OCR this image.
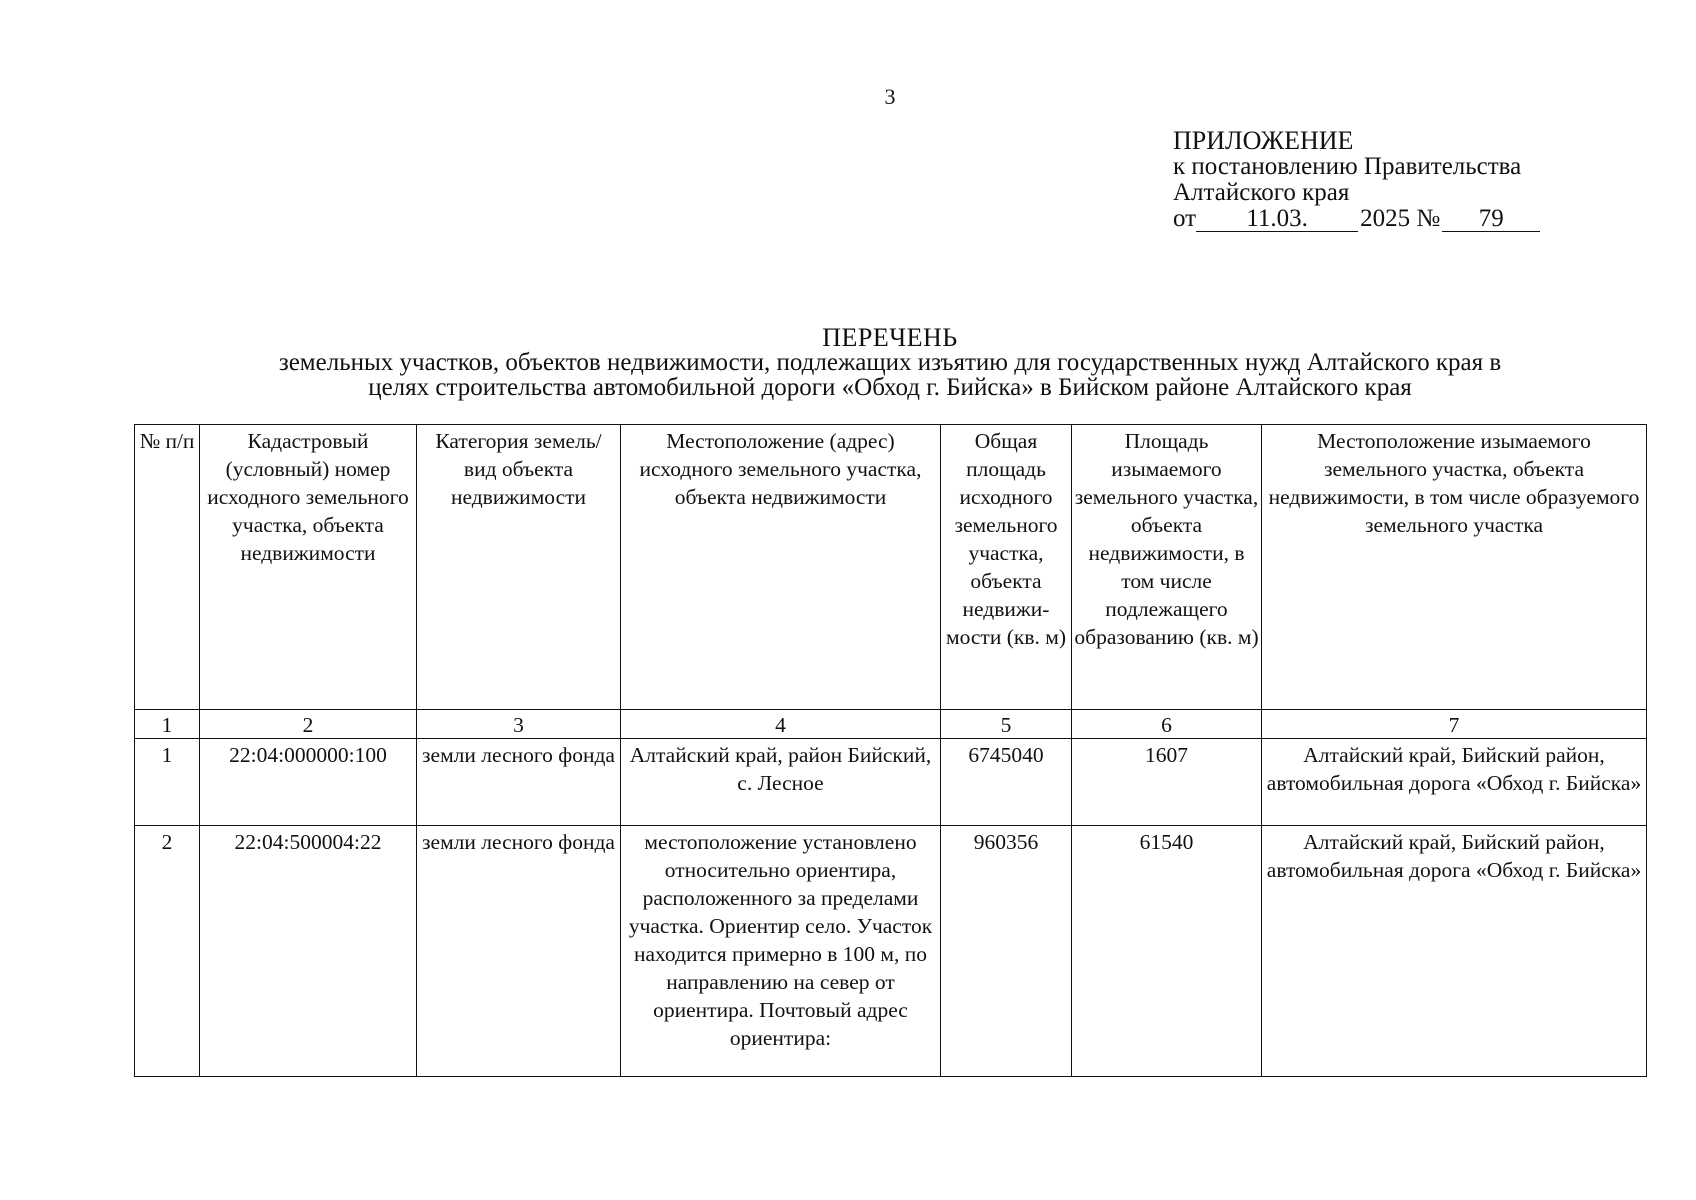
3
ПРИЛОЖЕНИЕ
к постановлению Правительства
Алтайского края
от	11.03.	2025 №	79
ПЕРЕЧЕНЬ
земельных участков, объектов недвижимости, подлежащих изъятию для государственных нужд Алтайского края в
целях строительства автомобильной дороги «Обход г. Бийска» в Бийском районе Алтайского края
№ п/п	Кадастровый (условный) номер исходного земельного участка, объекта недвижимости	Категория земель/ вид объекта недвижимости	Местоположение (адрес) исходного земельного участка, объекта недвижимости	Общая площадь исходного земельного участка, объекта недвижи-мости (кв. м)	Площадь изымаемого земельного участка, объекта недвижимости, в том числе подлежащего образованию (кв. м)	Местоположение изымаемого земельного участка, объекта недвижимости, в том числе образуемого земельного участка
1	2	3	4	5	6	7
1	22:04:000000:100	земли лесного фонда	Алтайский край, район Бийский, с. Лесное	6745040	1607	Алтайский край, Бийский район, автомобильная дорога «Обход г. Бийска»
2	22:04:500004:22	земли лесного фонда	местоположение установлено относительно ориентира, расположенного за пределами участка. Ориентир село. Участок находится примерно в 100 м, по направлению на север от ориентира. Почтовый адрес ориентира:	960356	61540	Алтайский край, Бийский район, автомобильная дорога «Обход г. Бийска»
